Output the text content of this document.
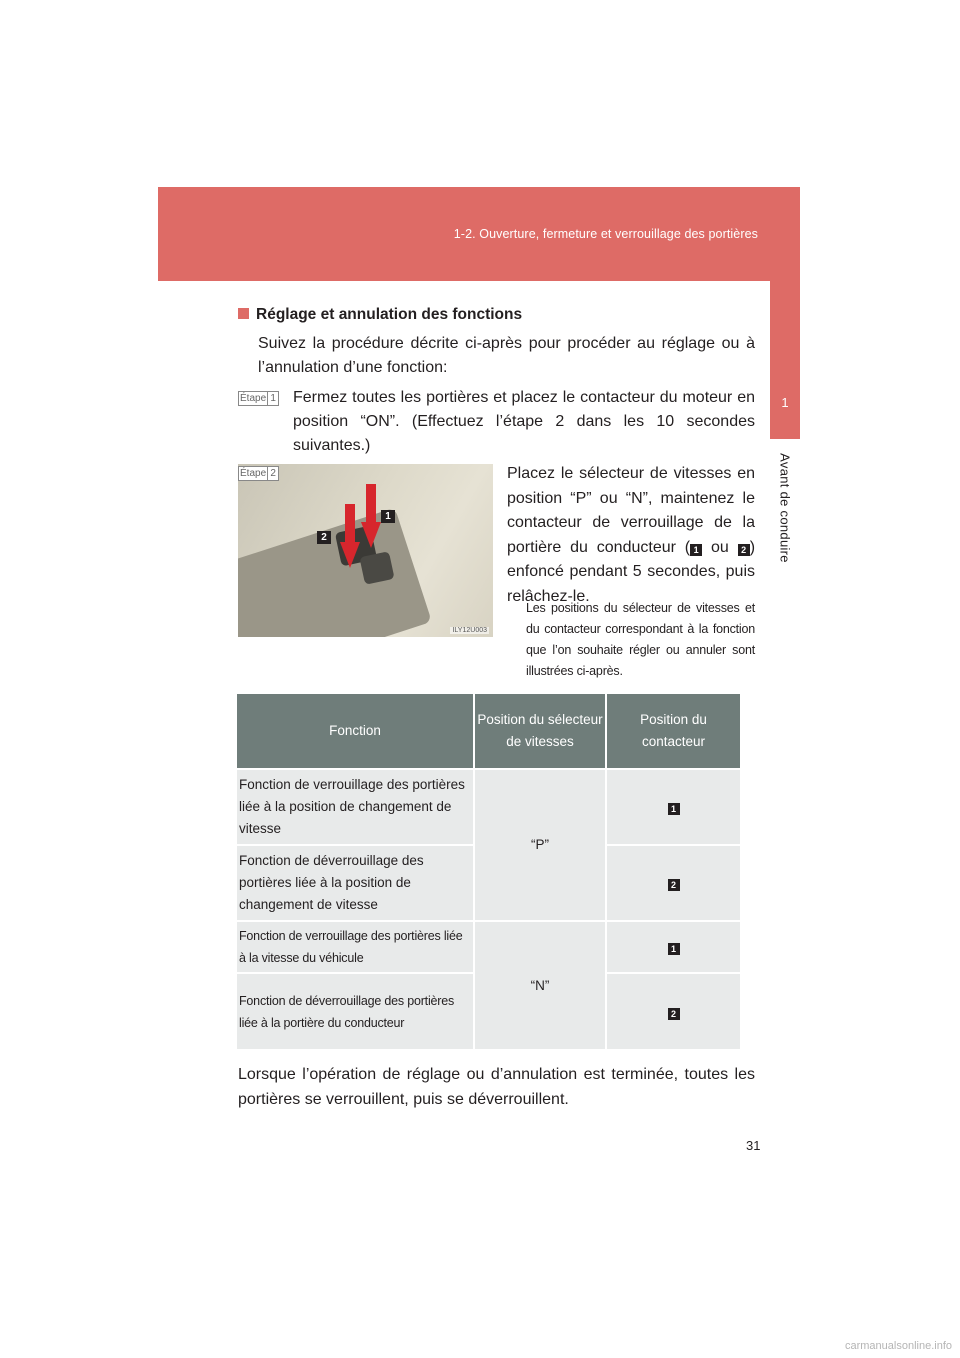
1-2. Ouverture, fermeture et verrouillage des portières
1
Avant de conduire
Réglage et annulation des fonctions

Suivez la procédure décrite ci-après pour procéder au réglage ou à l’annulation d’une fonction:

Étape 1 Fermez toutes les portières et placez le contacteur du moteur en position “ON”. (Effectuez l’étape 2 dans les 10 secondes suivantes.)

1
2
ILY12U003
Étape 2	Placez le sélecteur de vitesses en position “P” ou “N”, maintenez le contacteur de verrouillage de la portière du conducteur ( 1 ou 2 ) enfoncé pendant 5 secondes, puis relâchez-le.

Les positions du sélecteur de vitesses et du contacteur correspondant à la fonction que l’on souhaite régler ou annuler sont illustrées ci-après.

Fonction	Position du sélecteur de vitesses	Position du contacteur
Fonction de verrouillage des portières liée à la position de changement de vitesse	“P”	1
Fonction de déverrouillage des portières liée à la position de changement de vitesse		2
Fonction de verrouillage des portières liée à la vitesse du véhicule	“N”	1
Fonction de déverrouillage des portières liée à la portière du conducteur		2

Lorsque l’opération de réglage ou d’annulation est terminée, toutes les portières se verrouillent, puis se déverrouillent.

31
carmanualsonline.info
